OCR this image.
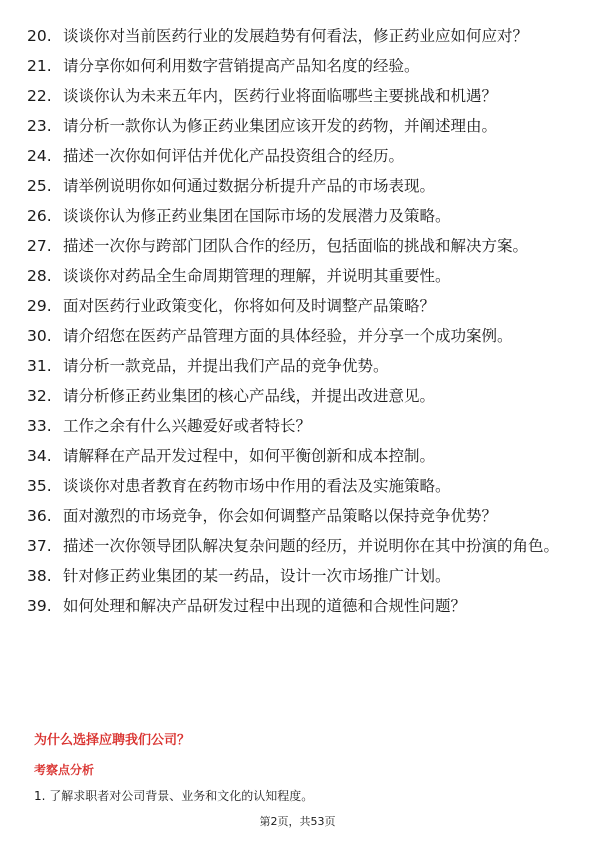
20. 谈谈你对当前医药行业的发展趋势有何看法，修正药业应如何应对？
21. 请分享你如何利用数字营销提高产品知名度的经验。
22. 谈谈你认为未来五年内，医药行业将面临哪些主要挑战和机遇？
23. 请分析一款你认为修正药业集团应该开发的药物，并阐述理由。
24. 描述一次你如何评估并优化产品投资组合的经历。
25. 请举例说明你如何通过数据分析提升产品的市场表现。
26. 谈谈你认为修正药业集团在国际市场的发展潜力及策略。
27. 描述一次你与跨部门团队合作的经历，包括面临的挑战和解决方案。
28. 谈谈你对药品全生命周期管理的理解，并说明其重要性。
29. 面对医药行业政策变化，你将如何及时调整产品策略？
30. 请介绍您在医药产品管理方面的具体经验，并分享一个成功案例。
31. 请分析一款竞品，并提出我们产品的竞争优势。
32. 请分析修正药业集团的核心产品线，并提出改进意见。
33. 工作之余有什么兴趣爱好或者特长？
34. 请解释在产品开发过程中，如何平衡创新和成本控制。
35. 谈谈你对患者教育在药物市场中作用的看法及实施策略。
36. 面对激烈的市场竞争，你会如何调整产品策略以保持竞争优势？
37. 描述一次你领导团队解决复杂问题的经历，并说明你在其中扮演的角色。
38. 针对修正药业集团的某一药品，设计一次市场推广计划。
39. 如何处理和解决产品研发过程中出现的道德和合规性问题？
为什么选择应聘我们公司？
考察点分析

1. 了解求职者对公司背景、业务和文化的认知程度。

第2页，共53页
